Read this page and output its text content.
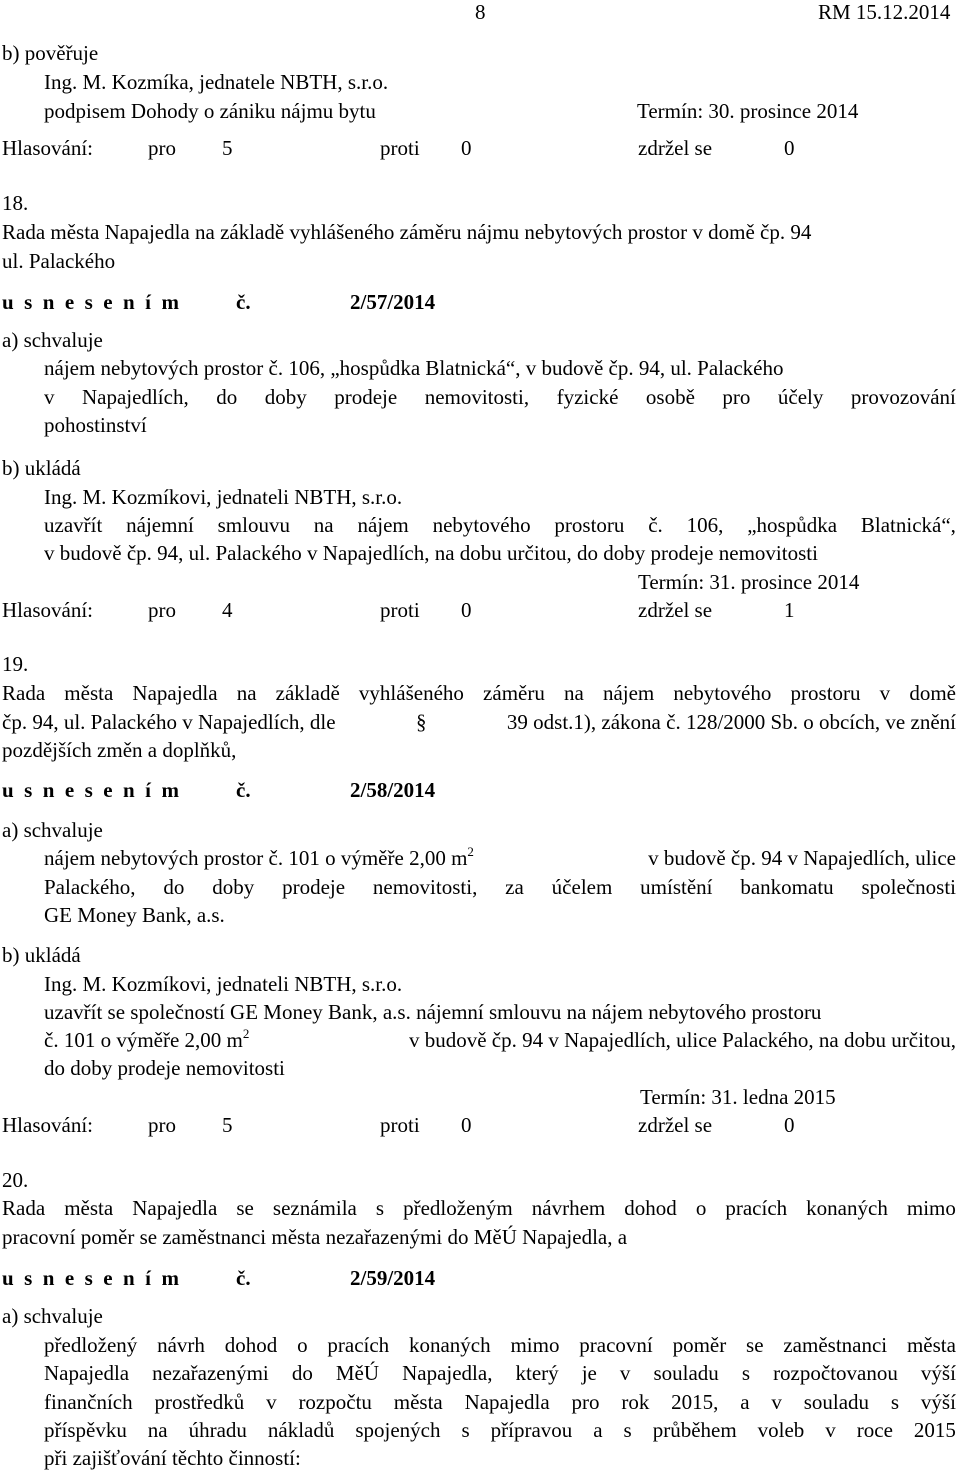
8	RM 15.12.2014
b) pověřuje
Ing. M. Kozmíka, jednatele NBTH, s.r.o.
podpisem Dohody o zániku nájmu bytu	Termín: 30. prosince 2014
Hlasování:	pro 5	proti 0	zdržel se	0
18.
Rada města Napajedla na základě vyhlášeného záměru nájmu nebytových prostor v domě čp. 94
ul. Palackého
u s n e s e n í m	č.	2/57/2014
a) schvaluje
nájem nebytových prostor č. 106, „hospůdka Blatnická“, v budově čp. 94, ul. Palackého
v Napajedlích, do doby prodeje nemovitosti, fyzické osobě pro účely provozování
pohostinství
b) ukládá
Ing. M. Kozmíkovi, jednateli NBTH, s.r.o.
uzavřít nájemní smlouvu na nájem nebytového prostoru č. 106, „hospůdka Blatnická“,
v budově čp. 94, ul. Palackého v Napajedlích, na dobu určitou, do doby prodeje nemovitosti
Termín: 31. prosince 2014
Hlasování:	pro 4	proti 0	zdržel se	1
19.
Rada města Napajedla na základě vyhlášeného záměru na nájem nebytového prostoru v domě
čp. 94, ul. Palackého v Napajedlích, dle	§	39 odst.1), zákona č. 128/2000 Sb. o obcích, ve znění
pozdějších změn a doplňků,
u s n e s e n í m	č.	2/58/2014
a) schvaluje
nájem nebytových prostor č. 101 o výměře 2,00 $m^2$	v budově čp. 94 v Napajedlích, ulice
Palackého, do doby prodeje nemovitosti, za účelem umístění bankomatu společnosti
GE Money Bank, a.s.
b) ukládá
Ing. M. Kozmíkovi, jednateli NBTH, s.r.o.
uzavřít se společností GE Money Bank, a.s. nájemní smlouvu na nájem nebytového prostoru
č. 101 o výměře 2,00 $m^2$	v budově čp. 94 v Napajedlích, ulice Palackého, na dobu určitou,
do doby prodeje nemovitosti
Termín: 31. ledna 2015
Hlasování:	pro 5	proti 0	zdržel se	0
20.
Rada města Napajedla se seznámila s předloženým návrhem dohod o pracích konaných mimo
pracovní poměr se zaměstnanci města nezařazenými do MěÚ Napajedla, a
u s n e s e n í m	č.	2/59/2014
a) schvaluje
předložený návrh dohod o pracích konaných mimo pracovní poměr se zaměstnanci města
Napajedla nezařazenými do MěÚ Napajedla, který je v souladu s rozpočtovanou výší
finančních prostředků v rozpočtu města Napajedla pro rok 2015, a v souladu s výší
příspěvku na úhradu nákladů spojených s přípravou a s průběhem voleb v roce 2015
při zajišťování těchto činností:
